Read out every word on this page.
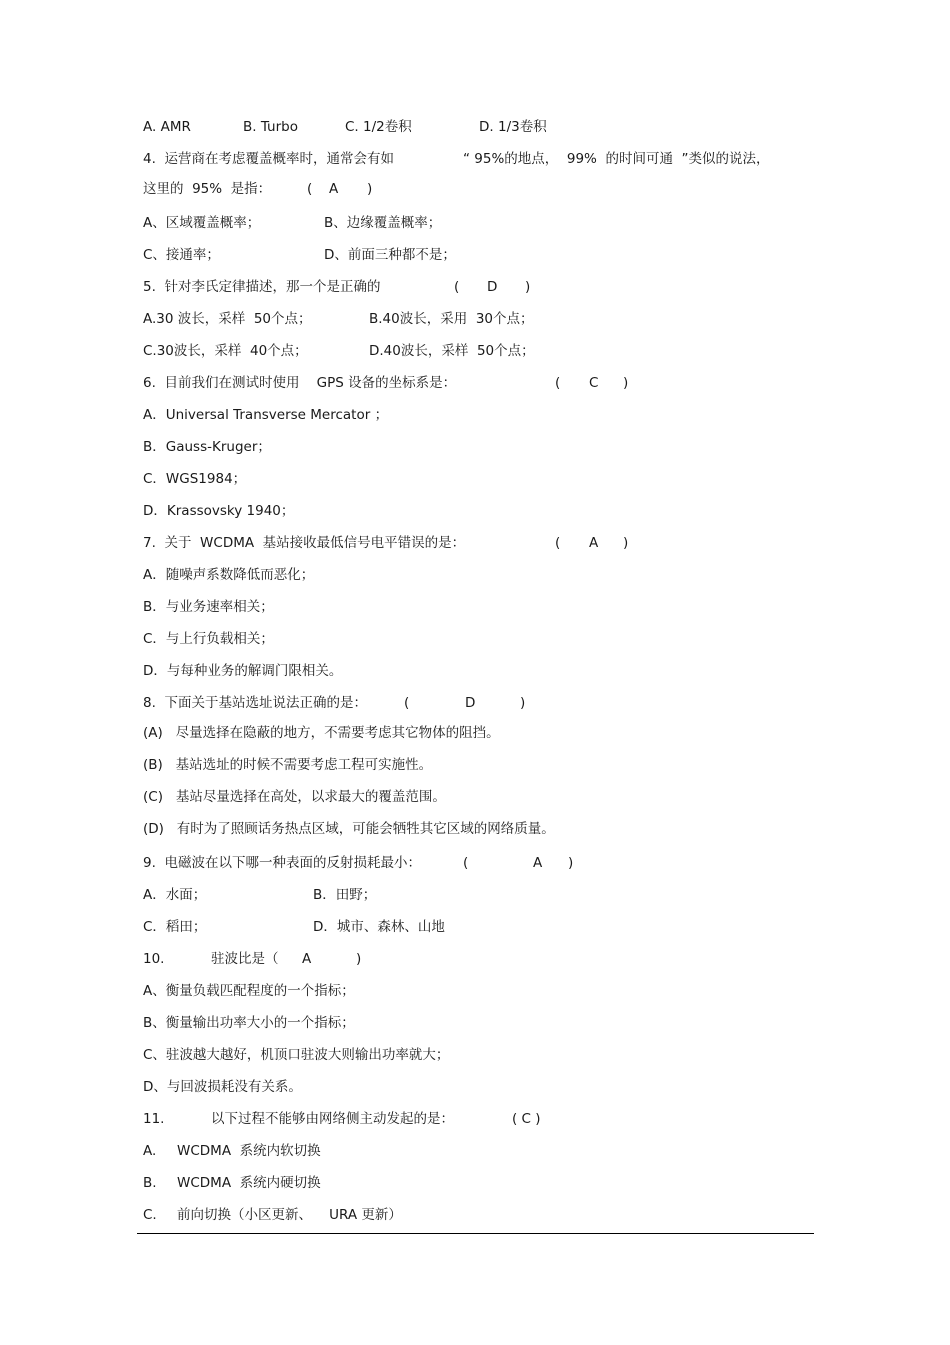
A. AMR	B. Turbo	C. 1/2卷积	D. 1/3卷积
4.  运营商在考虑覆盖概率时，通常会有如	“ 95%的地点，  99%  的时间可通  ”类似的说法，
这里的  95%  是指：	( A )
A、区域覆盖概率；	B、边缘覆盖概率；
C、接通率；	D、前面三种都不是；
5.  针对李氏定律描述，那一个是正确的	( D )
A.30 波长，采样  50个点；	B.40波长，采用  30个点；
C.30波长，采样  40个点；	D.40波长，采样  50个点；
6.  目前我们在测试时使用    GPS 设备的坐标系是：	( C )
A．Universal Transverse Mercator ；
B．Gauss-Kruger；
C．WGS1984；
D．Krassovsky 1940；
7.  关于  WCDMA  基站接收最低信号电平错误的是：	( A )
A．随噪声系数降低而恶化；
B．与业务速率相关；
C．与上行负载相关；
D．与每种业务的解调门限相关。
8.  下面关于基站选址说法正确的是：	(	D	)
(A)   尽量选择在隐蔽的地方，不需要考虑其它物体的阻挡。
(B)   基站选址的时候不需要考虑工程可实施性。
(C)   基站尽量选择在高处，以求最大的覆盖范围。
(D)   有时为了照顾话务热点区域，可能会牺牲其它区域的网络质量。
9.  电磁波在以下哪一种表面的反射损耗最小：	(	A )
A．水面；	B．田野；
C．稻田；	D．城市、森林、山地
10.	驻波比是（ A	)
A、衡量负载匹配程度的一个指标；
B、衡量输出功率大小的一个指标；
C、驻波越大越好，机顶口驻波大则输出功率就大；
D、与回波损耗没有关系。
11.	以下过程不能够由网络侧主动发起的是：	( C )
A. WCDMA  系统内软切换
B. WCDMA  系统内硬切换
C. 前向切换（小区更新、    URA 更新）
